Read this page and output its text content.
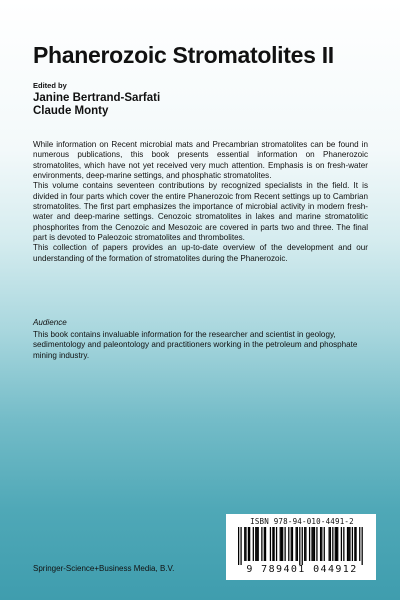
Phanerozoic Stromatolites II
Edited by
Janine Bertrand-Sarfati
Claude Monty

While information on Recent microbial mats and Precambrian stromatolites can be found in numerous publications, this book presents essential information on Phanerozoic stromatolites, which have not yet received very much attention. Emphasis is on fresh-water environments, deep-marine settings, and phosphatic stromatolites.

This volume contains seventeen contributions by recognized specialists in the field. It is divided in four parts which cover the entire Phanerozoic from Recent settings up to Cambrian stromatolites. The first part emphasizes the importance of microbial activity in modern fresh-water and deep-marine settings. Cenozoic stromatolites in lakes and marine stromatolitic phosphorites from the Cenozoic and Mesozoic are covered in parts two and three. The final part is devoted to Paleozoic stromatolites and thrombolites.

This collection of papers provides an up-to-date overview of the development and our understanding of the formation of stromatolites during the Phanerozoic.

Audience
This book contains invaluable information for the researcher and scientist in geology, sedimentology and paleontology and practitioners working in the petroleum and phosphate mining industry.
Springer-Science+Business Media, B.V.
ISBN 978-94-010-4491-2
9 789401 044912
